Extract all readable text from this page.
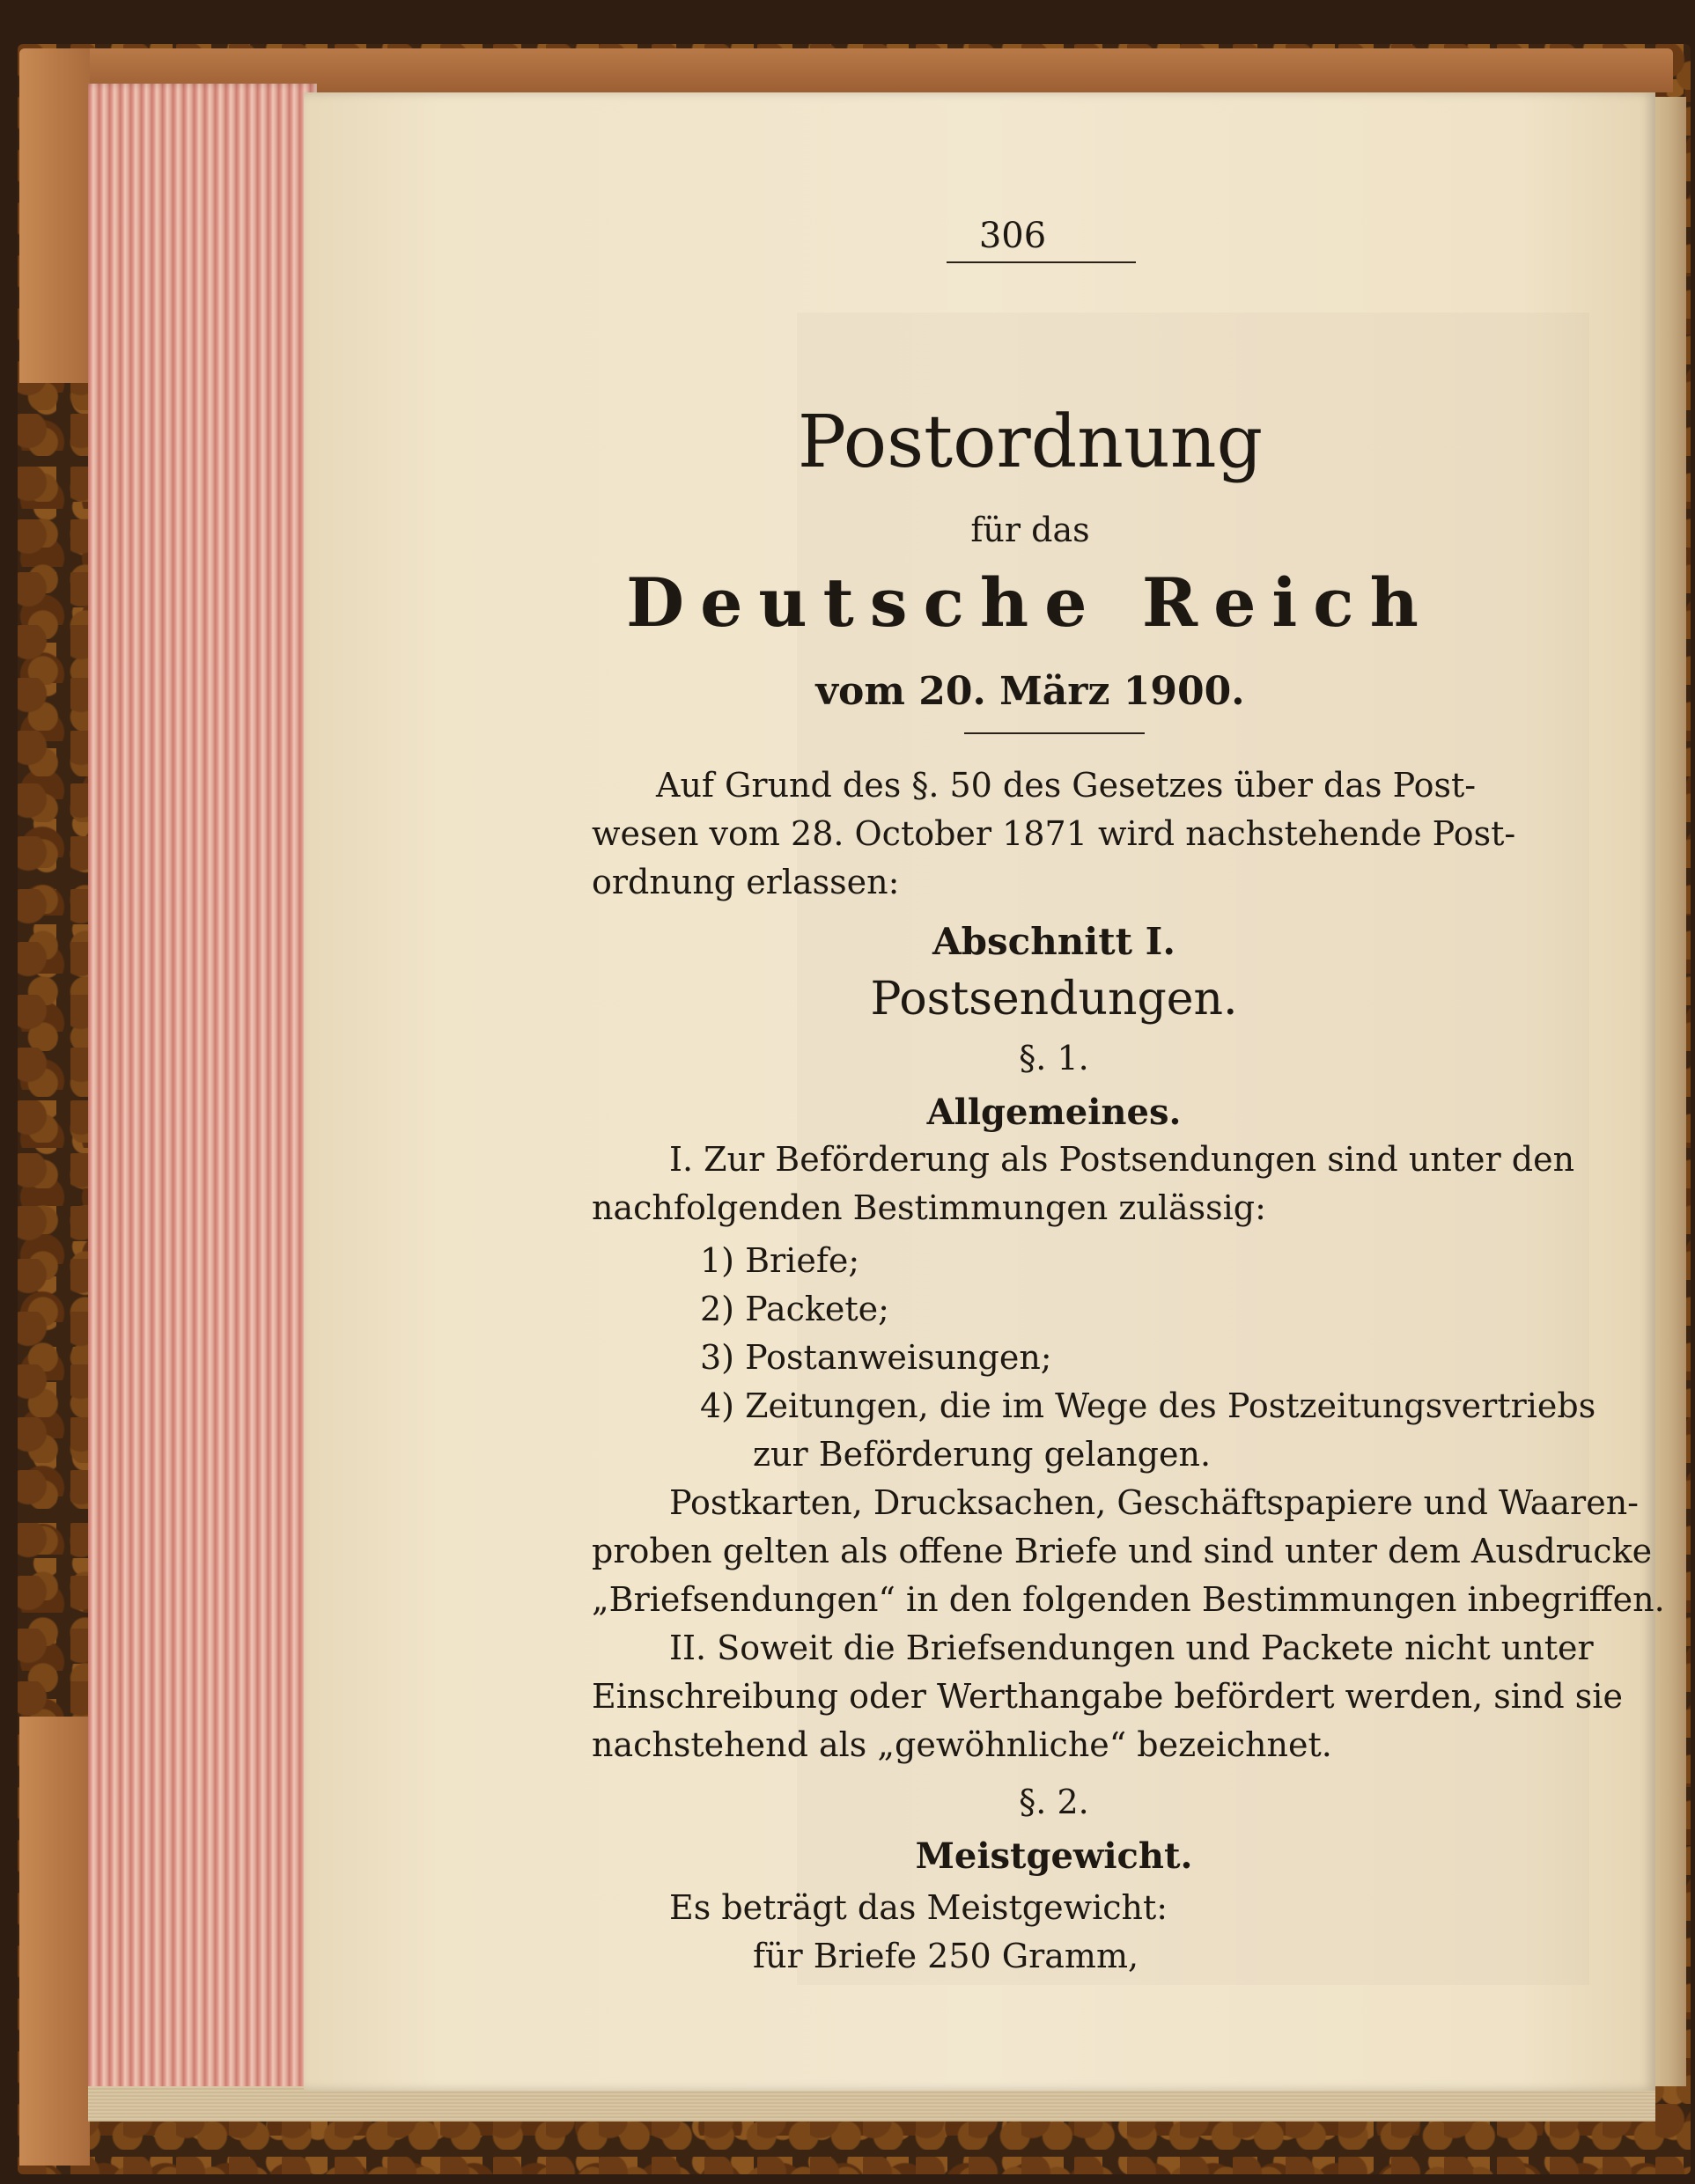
306
Postordnung
für das
Deutsche Reich
vom 20. März 1900.
Auf Grund des §. 50 des Gesetzes über das Post-
wesen vom 28. October 1871 wird nachstehende Post-
ordnung erlassen:
Abschnitt I.
Postsendungen.
§. 1.
Allgemeines.
I. Zur Beförderung als Postsendungen sind unter den
nachfolgenden Bestimmungen zulässig:
1) Briefe;
2) Packete;
3) Postanweisungen;
4) Zeitungen, die im Wege des Postzeitungsvertriebs
zur Beförderung gelangen.
Postkarten, Drucksachen, Geschäftspapiere und Waaren-
proben gelten als offene Briefe und sind unter dem Ausdrucke
„Briefsendungen“ in den folgenden Bestimmungen inbegriffen.
II. Soweit die Briefsendungen und Packete nicht unter
Einschreibung oder Werthangabe befördert werden, sind sie
nachstehend als „gewöhnliche“ bezeichnet.
§. 2.
Meistgewicht.
Es beträgt das Meistgewicht:
für Briefe 250 Gramm,
